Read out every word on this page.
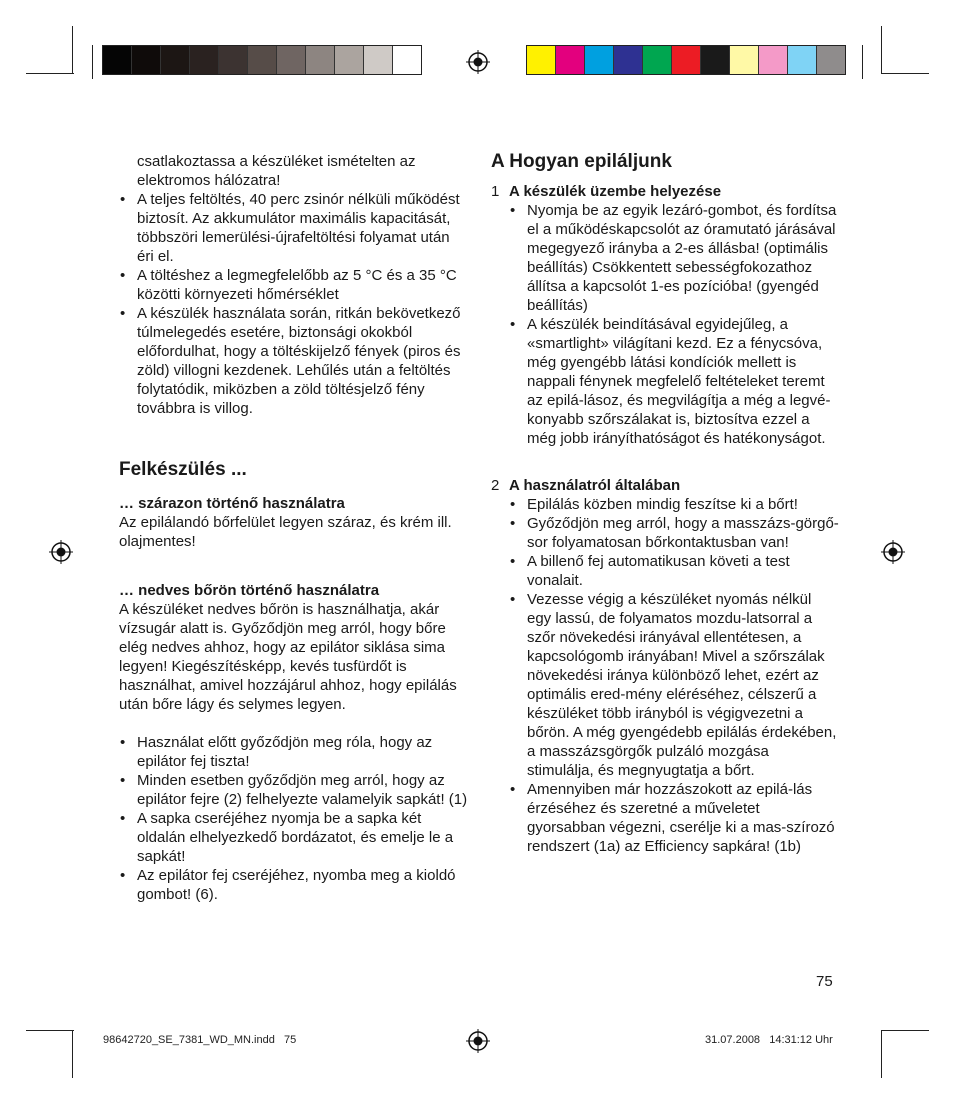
csatlakoztassa a készüléket ismételten az elektromos hálózatra!

• A teljes feltöltés, 40 perc zsinór nélküli működést biztosít. Az akkumulátor maximális kapacitását, többszöri lemerülési-újrafeltöltési folyamat után éri el.
• A töltéshez a legmegfelelőbb az 5 °C és a 35 °C közötti környezeti hőmérséklet
• A készülék használata során, ritkán bekövetkező túlmelegedés esetére, biztonsági okokból előfordulhat, hogy a töltéskijelző fények (piros és zöld) villogni kezdenek. Lehűlés után a feltöltés folytatódik, miközben a zöld töltésjelző fény továbbra is villog.
Felkészülés ...
… szárazon történő használatra

Az epilálandó bőrfelület legyen száraz, és krém ill. olajmentes!

… nedves bőrön történő használatra

A készüléket nedves bőrön is használhatja, akár vízsugár alatt is. Győződjön meg arról, hogy bőre elég nedves ahhoz, hogy az epilátor siklása sima legyen! Kiegészítésképp, kevés tusfürdőt is használhat, amivel hozzájárul ahhoz, hogy epilálás után bőre lágy és selymes legyen.

• Használat előtt győződjön meg róla, hogy az epilátor fej tiszta!
• Minden esetben győződjön meg arról, hogy az epilátor fejre (2) felhelyezte valamelyik sapkát! (1)
• A sapka cseréjéhez nyomja be a sapka két oldalán elhelyezkedő bordázatot, és emelje le a sapkát!
• Az epilátor fej cseréjéhez, nyomba meg a kioldó gombot! (6).
A Hogyan epiláljunk
1 A készülék üzembe helyezése
• Nyomja be az egyik lezáró-gombot, és fordítsa el a működéskapcsolót az óramutató járásával megegyező irányba a 2-es állásba! (optimális beállítás) Csökkentett sebességfokozathoz állítsa a kapcsolót 1-es pozícióba! (gyengéd beállítás)
• A készülék beindításával egyidejűleg, a «smartlight» világítani kezd. Ez a fénycsóva, még gyengébb látási kondíciók mellett is nappali fénynek megfelelő feltételeket teremt az epilá-lásoz, és megvilágítja a még a legvé-konyabb szőrszálakat is, biztosítva ezzel a még jobb irányíthatóságot és hatékonyságot.
2 A használatról általában
• Epilálás közben mindig feszítse ki a bőrt!
• Győződjön meg arról, hogy a masszázs-görgő-sor folyamatosan bőrkontaktusban van!
• A billenő fej automatikusan követi a test vonalait.
• Vezesse végig a készüléket nyomás nélkül egy lassú, de folyamatos mozdu-latsorral a szőr növekedési irányával ellentétesen, a kapcsológomb irányában! Mivel a szőrszálak növekedési iránya különböző lehet, ezért az optimális ered-mény eléréséhez, célszerű a készüléket több irányból is végigvezetni a bőrön. A még gyengédebb epilálás érdekében, a masszázsgörgők pulzáló mozgása stimulálja, és megnyugtatja a bőrt.
• Amennyiben már hozzászokott az epilá-lás érzéséhez és szeretné a műveletet gyorsabban végezni, cserélje ki a mas-szírozó rendszert (1a) az Efficiency sapkára! (1b)
75
98642720_SE_7381_WD_MN.indd   75	31.07.2008   14:31:12 Uhr
